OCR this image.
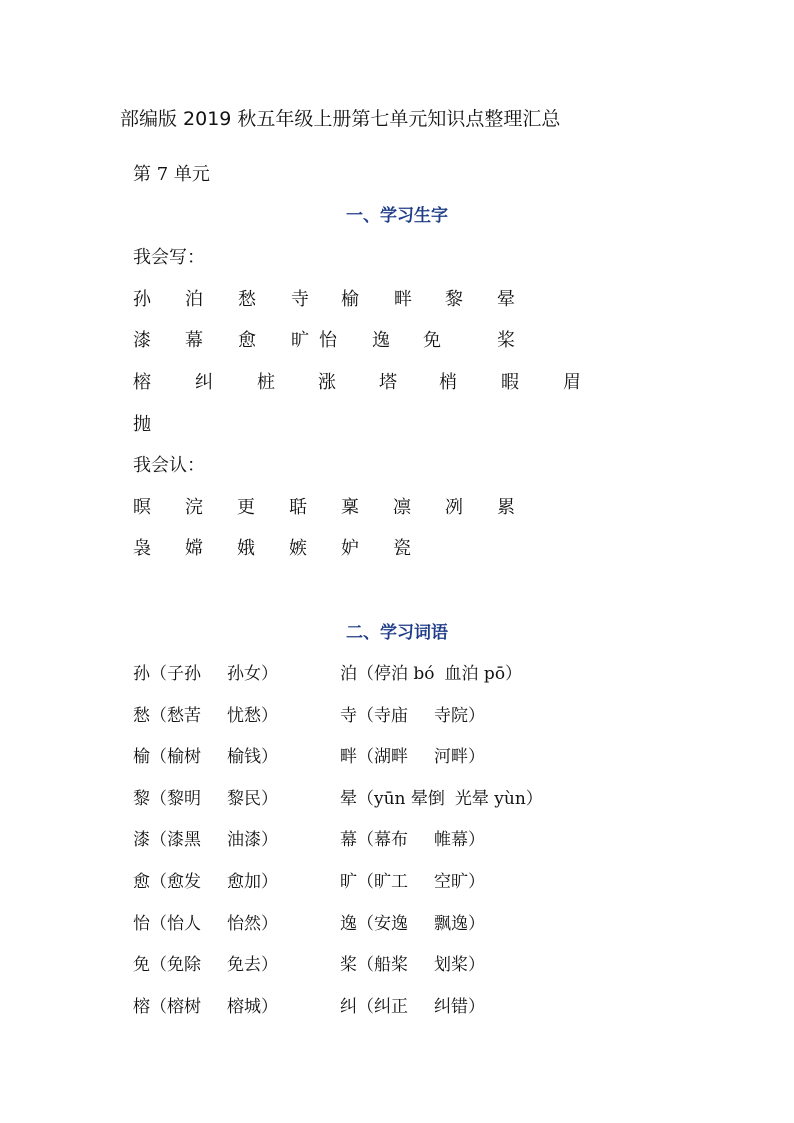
部编版 2019 秋五年级上册第七单元知识点整理汇总
第 7 单元
一、学习生字
我会写：
孙 泊 愁 寺 榆 畔 黎 晕
漆 幕 愈 旷 怡 逸 免	桨
榕 纠 桩 涨 塔 梢 暇 眉
抛
我会认：
暝 浣 更 聒 稟 凛 冽 累
袅 嫦 娥 嫉 妒 瓷
二、学习词语
孙（子孙 孙女）	泊（停泊 bó 血泊 pō）
愁（愁苦 忧愁）	寺（寺庙 寺院）
榆（榆树 榆钱）	畔（湖畔 河畔）
黎（黎明 黎民）	晕（yūn 晕倒 光晕 yùn）
漆（漆黑 油漆）	幕（幕布 帷幕）
愈（愈发 愈加）	旷（旷工 空旷）
怡（怡人 怡然）	逸（安逸 飘逸）
免（免除 免去）	桨（船桨 划桨）
榕（榕树 榕城）	纠（纠正 纠错）
